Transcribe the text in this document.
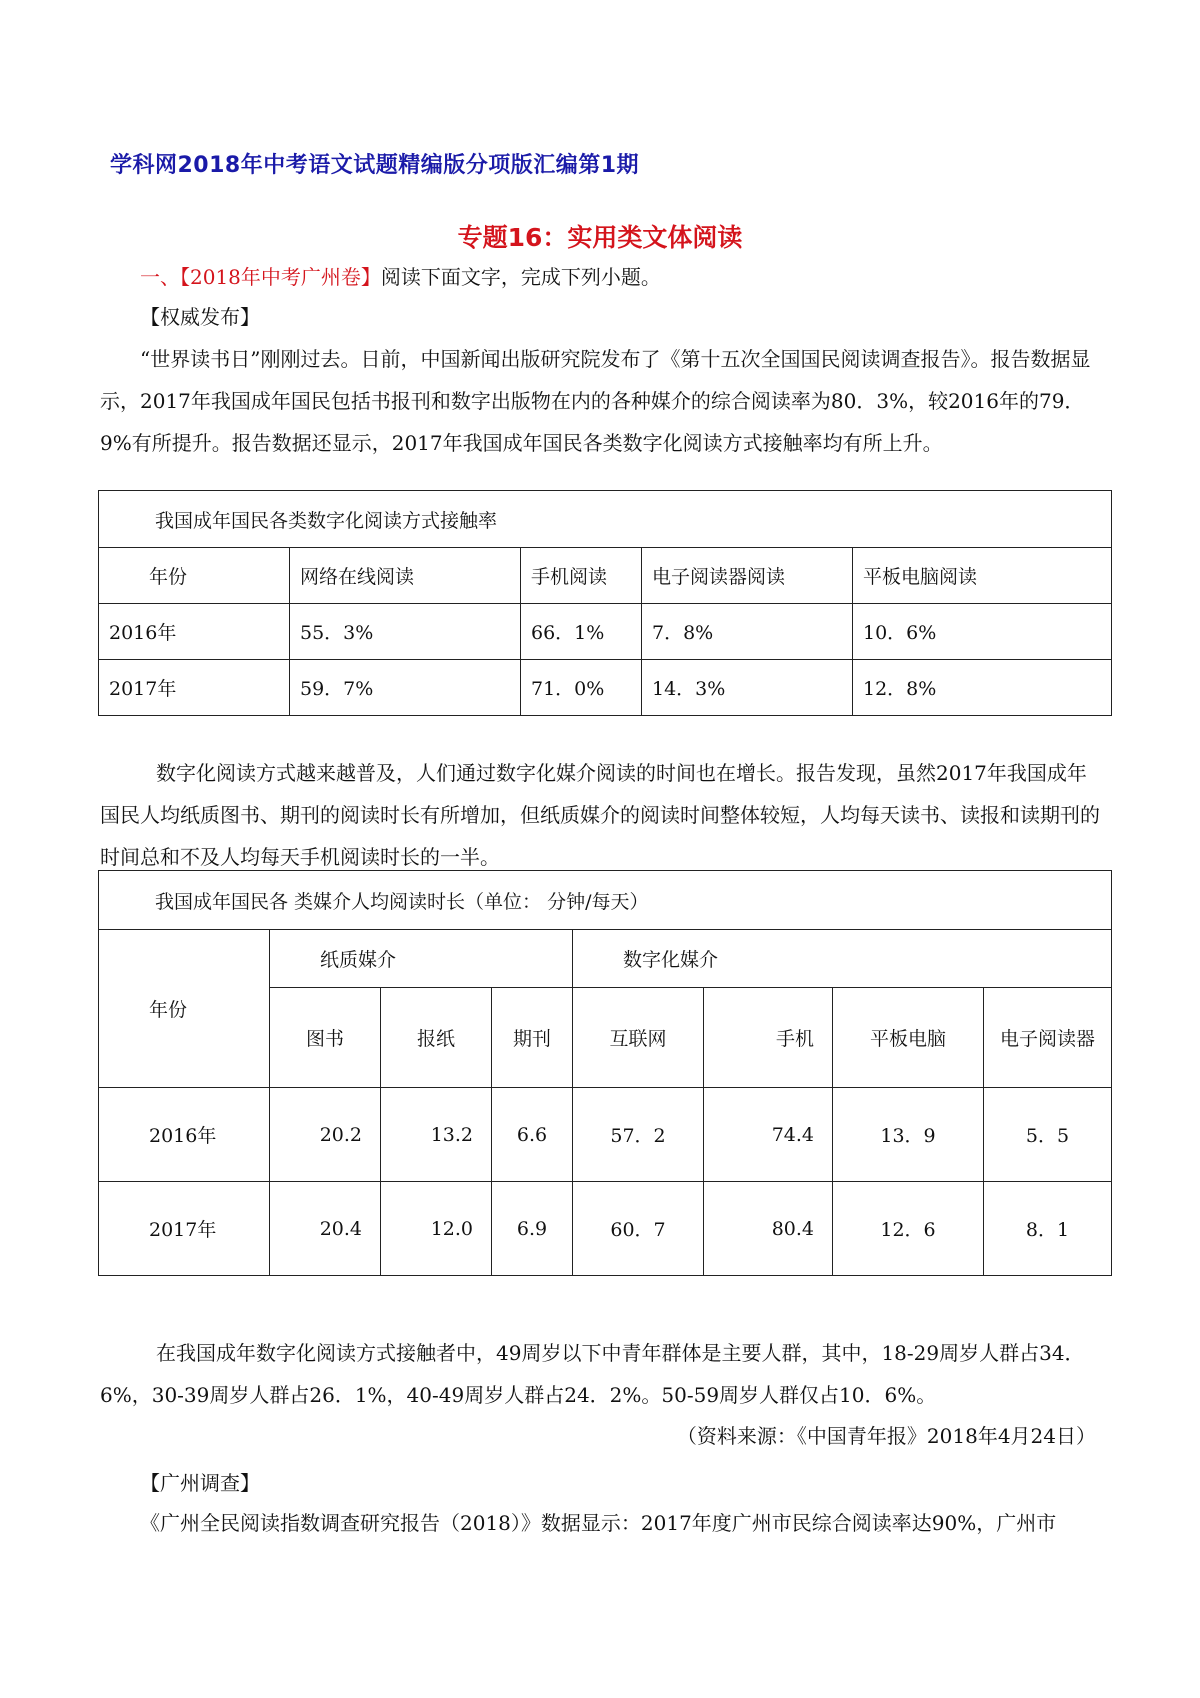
学科网2018年中考语文试题精编版分项版汇编第1期
专题16：实用类文体阅读

一、【2018年中考广州卷】阅读下面文字，完成下列小题。

【权威发布】

“世界读书日”刚刚过去。日前，中国新闻出版研究院发布了《第十五次全国国民阅读调查报告》。报告数据显示，2017年我国成年国民包括书报刊和数字出版物在内的各种媒介的综合阅读率为80．3%，较2016年的79．9%有所提升。报告数据还显示，2017年我国成年国民各类数字化阅读方式接触率均有所上升。

我国成年国民各类数字化阅读方式接触率				
年份	网络在线阅读	手机阅读	电子阅读器阅读	平板电脑阅读
2016年	55．3%	66．1%	7．8%	10．6%
2017年	59．7%	71．0%	14．3%	12．8%

数字化阅读方式越来越普及，人们通过数字化媒介阅读的时间也在增长。报告发现，虽然2017年我国成年国民人均纸质图书、期刊的阅读时长有所增加，但纸质媒介的阅读时间整体较短，人均每天读书、读报和读期刊的时间总和不及人均每天手机阅读时长的一半。

我国成年国民各 类媒介人均阅读时长（单位： 分钟/每天）							
年份	纸质媒介			数字化媒介			
	图书	报纸	期刊	互联网	手机	平板电脑	电子阅读器
2016年	20.2	13.2	6.6	57．2	74.4	13．9	5．5
2017年	20.4	12.0	6.9	60．7	80.4	12．6	8．1

在我国成年数字化阅读方式接触者中，49周岁以下中青年群体是主要人群，其中，18-29周岁人群占34．6%，30-39周岁人群占26．1%，40-49周岁人群占24．2%。50-59周岁人群仅占10．6%。

（资料来源：《中国青年报》2018年4月24日）

【广州调查】

《广州全民阅读指数调查研究报告（2018）》数据显示：2017年度广州市民综合阅读率达90%，广州市
